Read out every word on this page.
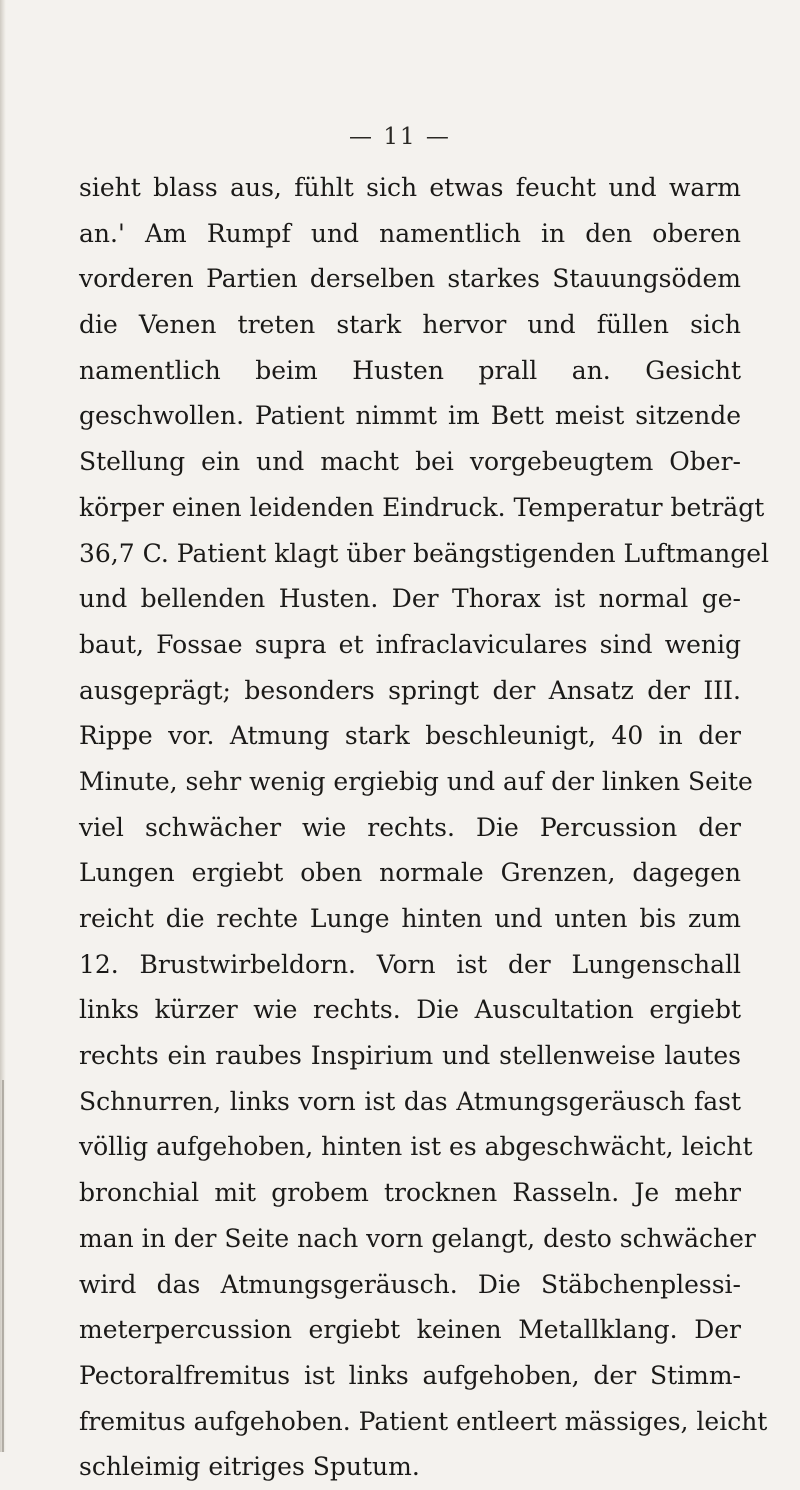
— 11 —
sieht blass aus, fühlt sich etwas feucht und warm
an.' Am Rumpf und namentlich in den oberen
vorderen Partien derselben starkes Stauungsödem
die Venen treten stark hervor und füllen sich
namentlich beim Husten prall an. Gesicht
geschwollen. Patient nimmt im Bett meist sitzende
Stellung ein und macht bei vorgebeugtem Ober-
körper einen leidenden Eindruck. Temperatur beträgt
36,7 C. Patient klagt über beängstigenden Luftmangel
und bellenden Husten. Der Thorax ist normal ge-
baut, Fossae supra et infraclaviculares sind wenig
ausgeprägt; besonders springt der Ansatz der III.
Rippe vor. Atmung stark beschleunigt, 40 in der
Minute, sehr wenig ergiebig und auf der linken Seite
viel schwächer wie rechts. Die Percussion der
Lungen ergiebt oben normale Grenzen, dagegen
reicht die rechte Lunge hinten und unten bis zum
12. Brustwirbeldorn. Vorn ist der Lungenschall
links kürzer wie rechts. Die Auscultation ergiebt
rechts ein raubes Inspirium und stellenweise lautes
Schnurren, links vorn ist das Atmungsgeräusch fast
völlig aufgehoben, hinten ist es abgeschwächt, leicht
bronchial mit grobem trocknen Rasseln. Je mehr
man in der Seite nach vorn gelangt, desto schwächer
wird das Atmungsgeräusch. Die Stäbchenplessi-
meterpercussion ergiebt keinen Metallklang. Der
Pectoralfremitus ist links aufgehoben, der Stimm-
fremitus aufgehoben. Patient entleert mässiges, leicht
schleimig eitriges Sputum.
